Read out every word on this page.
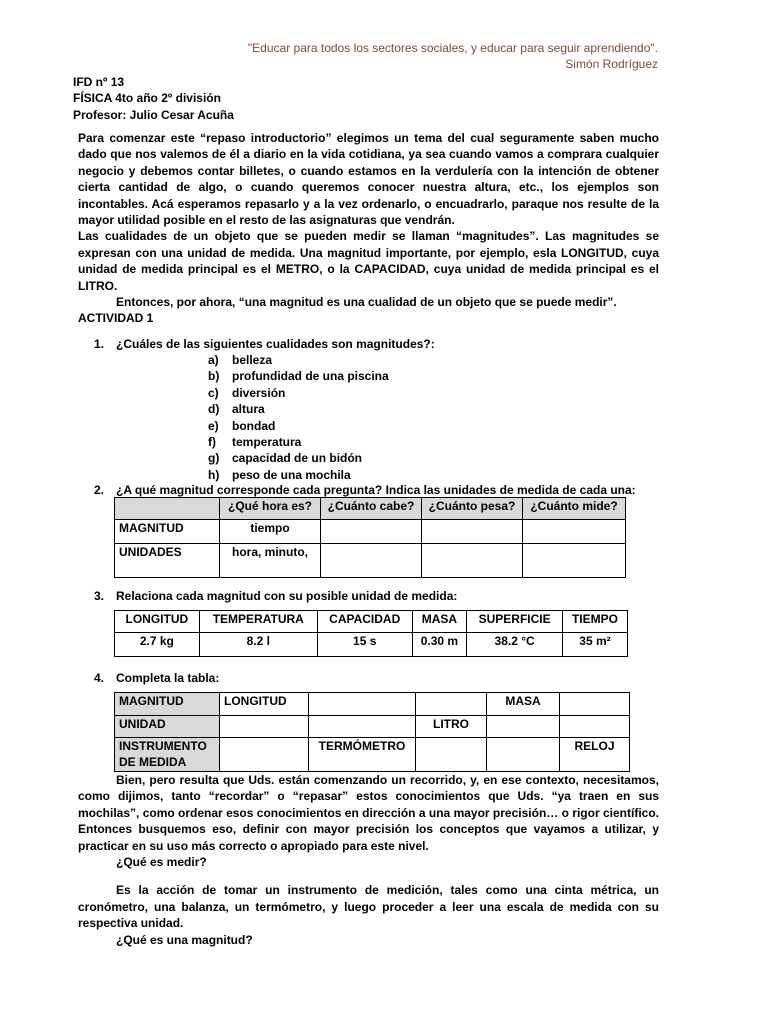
"Educar para todos los sectores sociales, y educar para seguir aprendiendo".
Simón Rodríguez
IFD nº 13
FÍSICA 4to año 2º división
Profesor: Julio Cesar Acuña

Para comenzar este “repaso introductorio” elegimos un tema del cual seguramente saben mucho dado que nos valemos de él a diario en la vida cotidiana, ya sea cuando vamos a comprara cualquier negocio y debemos contar billetes, o cuando estamos en la verdulería con la intención de obtener cierta cantidad de algo, o cuando queremos conocer nuestra altura, etc., los ejemplos son incontables. Acá esperamos repasarlo y a la vez ordenarlo, o encuadrarlo, paraque nos resulte de la mayor utilidad posible en el resto de las asignaturas que vendrán.

Las cualidades de un objeto que se pueden medir se llaman “magnitudes”. Las magnitudes se expresan con una unidad de medida. Una magnitud importante, por ejemplo, esla LONGITUD, cuya unidad de medida principal es el METRO, o la CAPACIDAD, cuya unidad de medida principal es el LITRO.

Entonces, por ahora, “una magnitud es una cualidad de un objeto que se puede medir”.

ACTIVIDAD 1

1. ¿Cuáles de las siguientes cualidades son magnitudes?:
a) belleza
b) profundidad de una piscina
c) diversión
d) altura
e) bondad
f) temperatura
g) capacidad de un bidón
h) peso de una mochila
2. ¿A qué magnitud corresponde cada pregunta? Indica las unidades de medida de cada una:
	¿Qué hora es?	¿Cuánto cabe?	¿Cuánto pesa?	¿Cuánto mide?
MAGNITUD	tiempo			
UNIDADES	hora, minuto,			
3. Relaciona cada magnitud con su posible unidad de medida:
LONGITUD	TEMPERATURA	CAPACIDAD	MASA	SUPERFICIE	TIEMPO
2.7 kg	8.2 l	15 s	0.30 m	38.2 °C	35 m²
4. Completa la tabla:
MAGNITUD	LONGITUD			MASA	
UNIDAD			LITRO		
INSTRUMENTO DE MEDIDA		TERMÓMETRO			RELOJ

Bien, pero resulta que Uds. están comenzando un recorrido, y, en ese contexto, necesitamos, como dijimos, tanto “recordar” o “repasar” estos conocimientos que Uds. “ya traen en sus mochilas”, como ordenar esos conocimientos en dirección a una mayor precisión… o rigor científico. Entonces busquemos eso, definir con mayor precisión los conceptos que vayamos a utilizar, y practicar en su uso más correcto o apropiado para este nivel.

¿Qué es medir?

Es la acción de tomar un instrumento de medición, tales como una cinta métrica, un cronómetro, una balanza, un termómetro, y luego proceder a leer una escala de medida con su respectiva unidad.

¿Qué es una magnitud?
